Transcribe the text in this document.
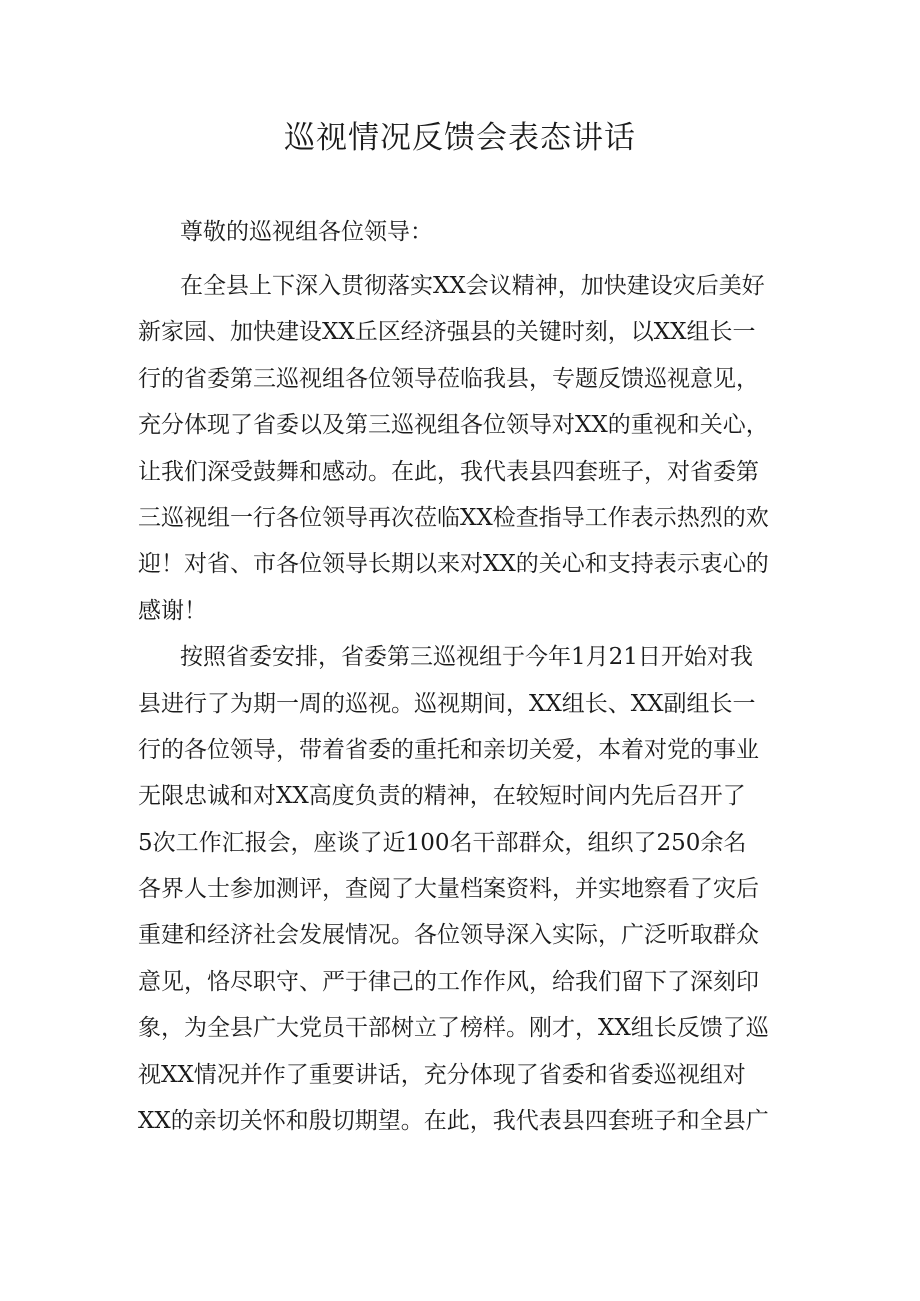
巡视情况反馈会表态讲话
尊敬的巡视组各位领导：
在全县上下深入贯彻落实XX会议精神，加快建设灾后美好
新家园、加快建设XX丘区经济强县的关键时刻，以XX组长一
行的省委第三巡视组各位领导莅临我县，专题反馈巡视意见，
充分体现了省委以及第三巡视组各位领导对XX的重视和关心，
让我们深受鼓舞和感动。在此，我代表县四套班子，对省委第
三巡视组一行各位领导再次莅临XX检查指导工作表示热烈的欢
迎！对省、市各位领导长期以来对XX的关心和支持表示衷心的
感谢！
按照省委安排，省委第三巡视组于今年1月21日开始对我
县进行了为期一周的巡视。巡视期间，XX组长、XX副组长一
行的各位领导，带着省委的重托和亲切关爱，本着对党的事业
无限忠诚和对XX高度负责的精神，在较短时间内先后召开了
5次工作汇报会，座谈了近100名干部群众，组织了250余名
各界人士参加测评，查阅了大量档案资料，并实地察看了灾后
重建和经济社会发展情况。各位领导深入实际，广泛听取群众
意见，恪尽职守、严于律己的工作作风，给我们留下了深刻印
象，为全县广大党员干部树立了榜样。刚才，XX组长反馈了巡
视XX情况并作了重要讲话，充分体现了省委和省委巡视组对
XX的亲切关怀和殷切期望。在此，我代表县四套班子和全县广
